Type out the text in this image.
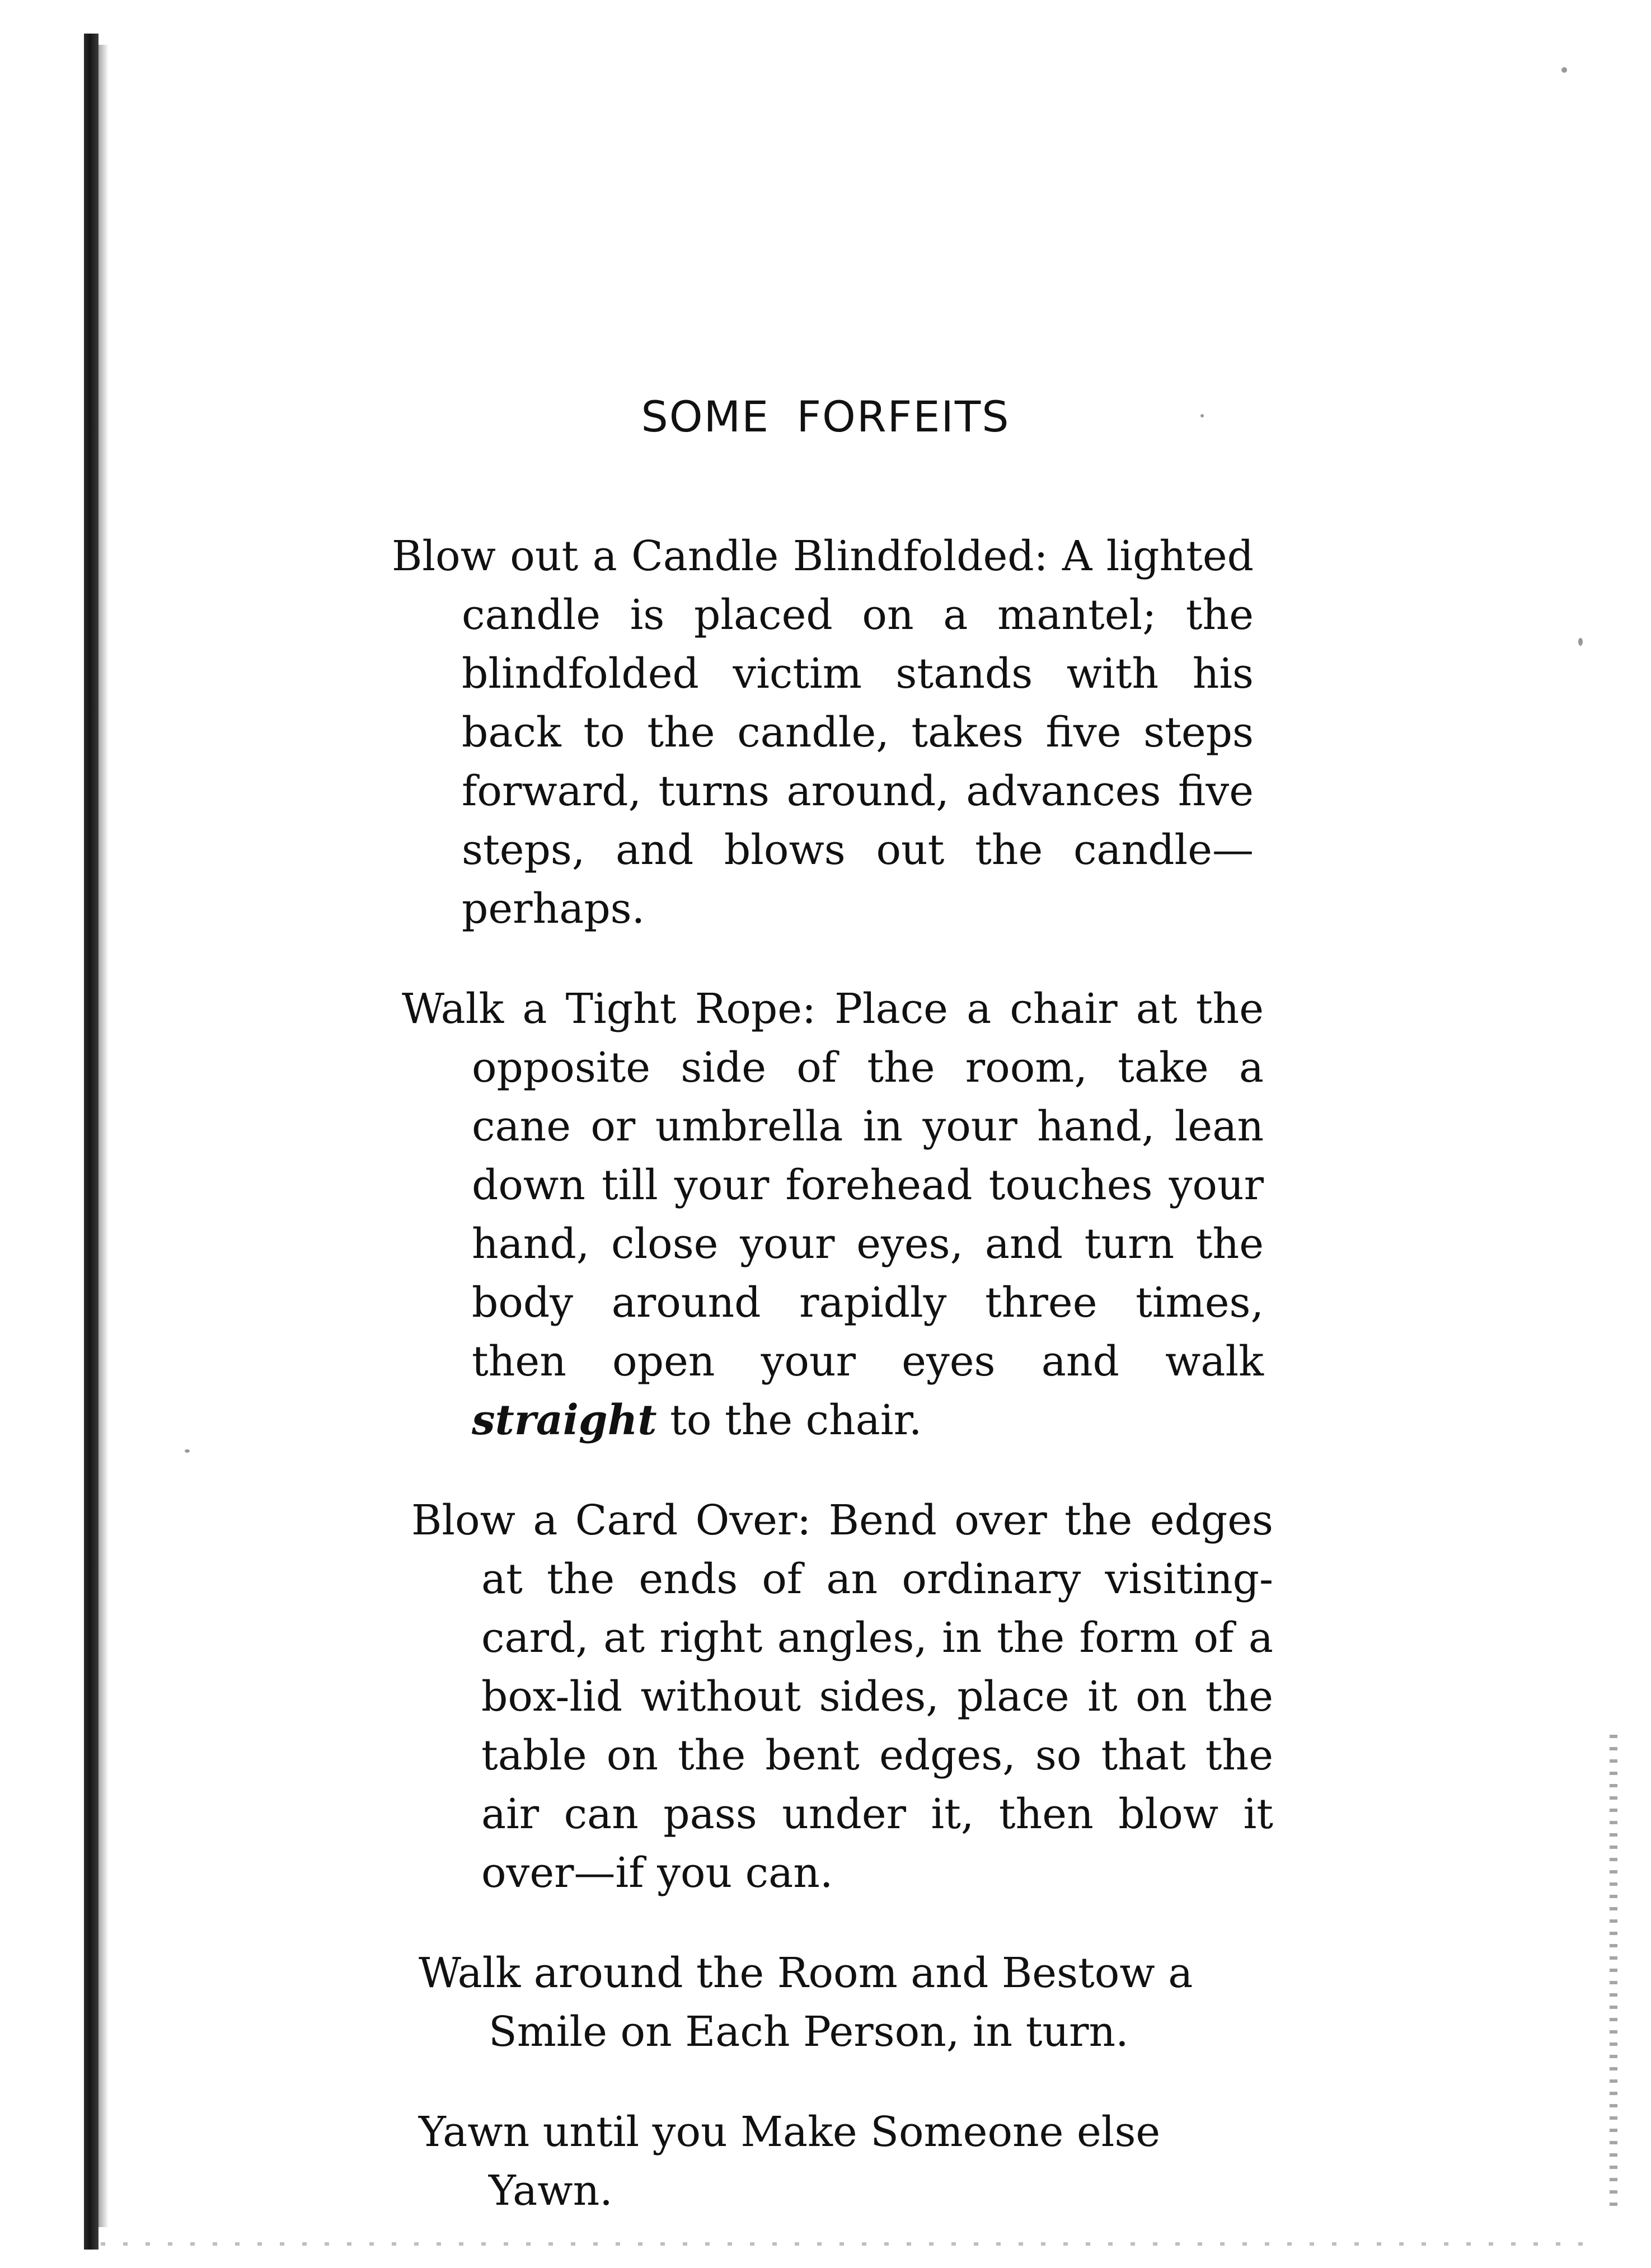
SOME FORFEITS

Blow out a Candle Blindfolded: A lighted candle is placed on a mantel; the blindfolded victim stands with his back to the candle, takes five steps forward, turns around, advances five steps, and blows out the candle—perhaps.

Walk a Tight Rope: Place a chair at the opposite side of the room, take a cane or umbrella in your hand, lean down till your forehead touches your hand, close your eyes, and turn the body around rapidly three times, then open your eyes and walk straight to the chair.

Blow a Card Over: Bend over the edges at the ends of an ordinary visiting-card, at right angles, in the form of a box-lid without sides, place it on the table on the bent edges, so that the air can pass under it, then blow it over—if you can.

Walk around the Room and Bestow a Smile on Each Person, in turn.

Yawn until you Make Someone else Yawn.
